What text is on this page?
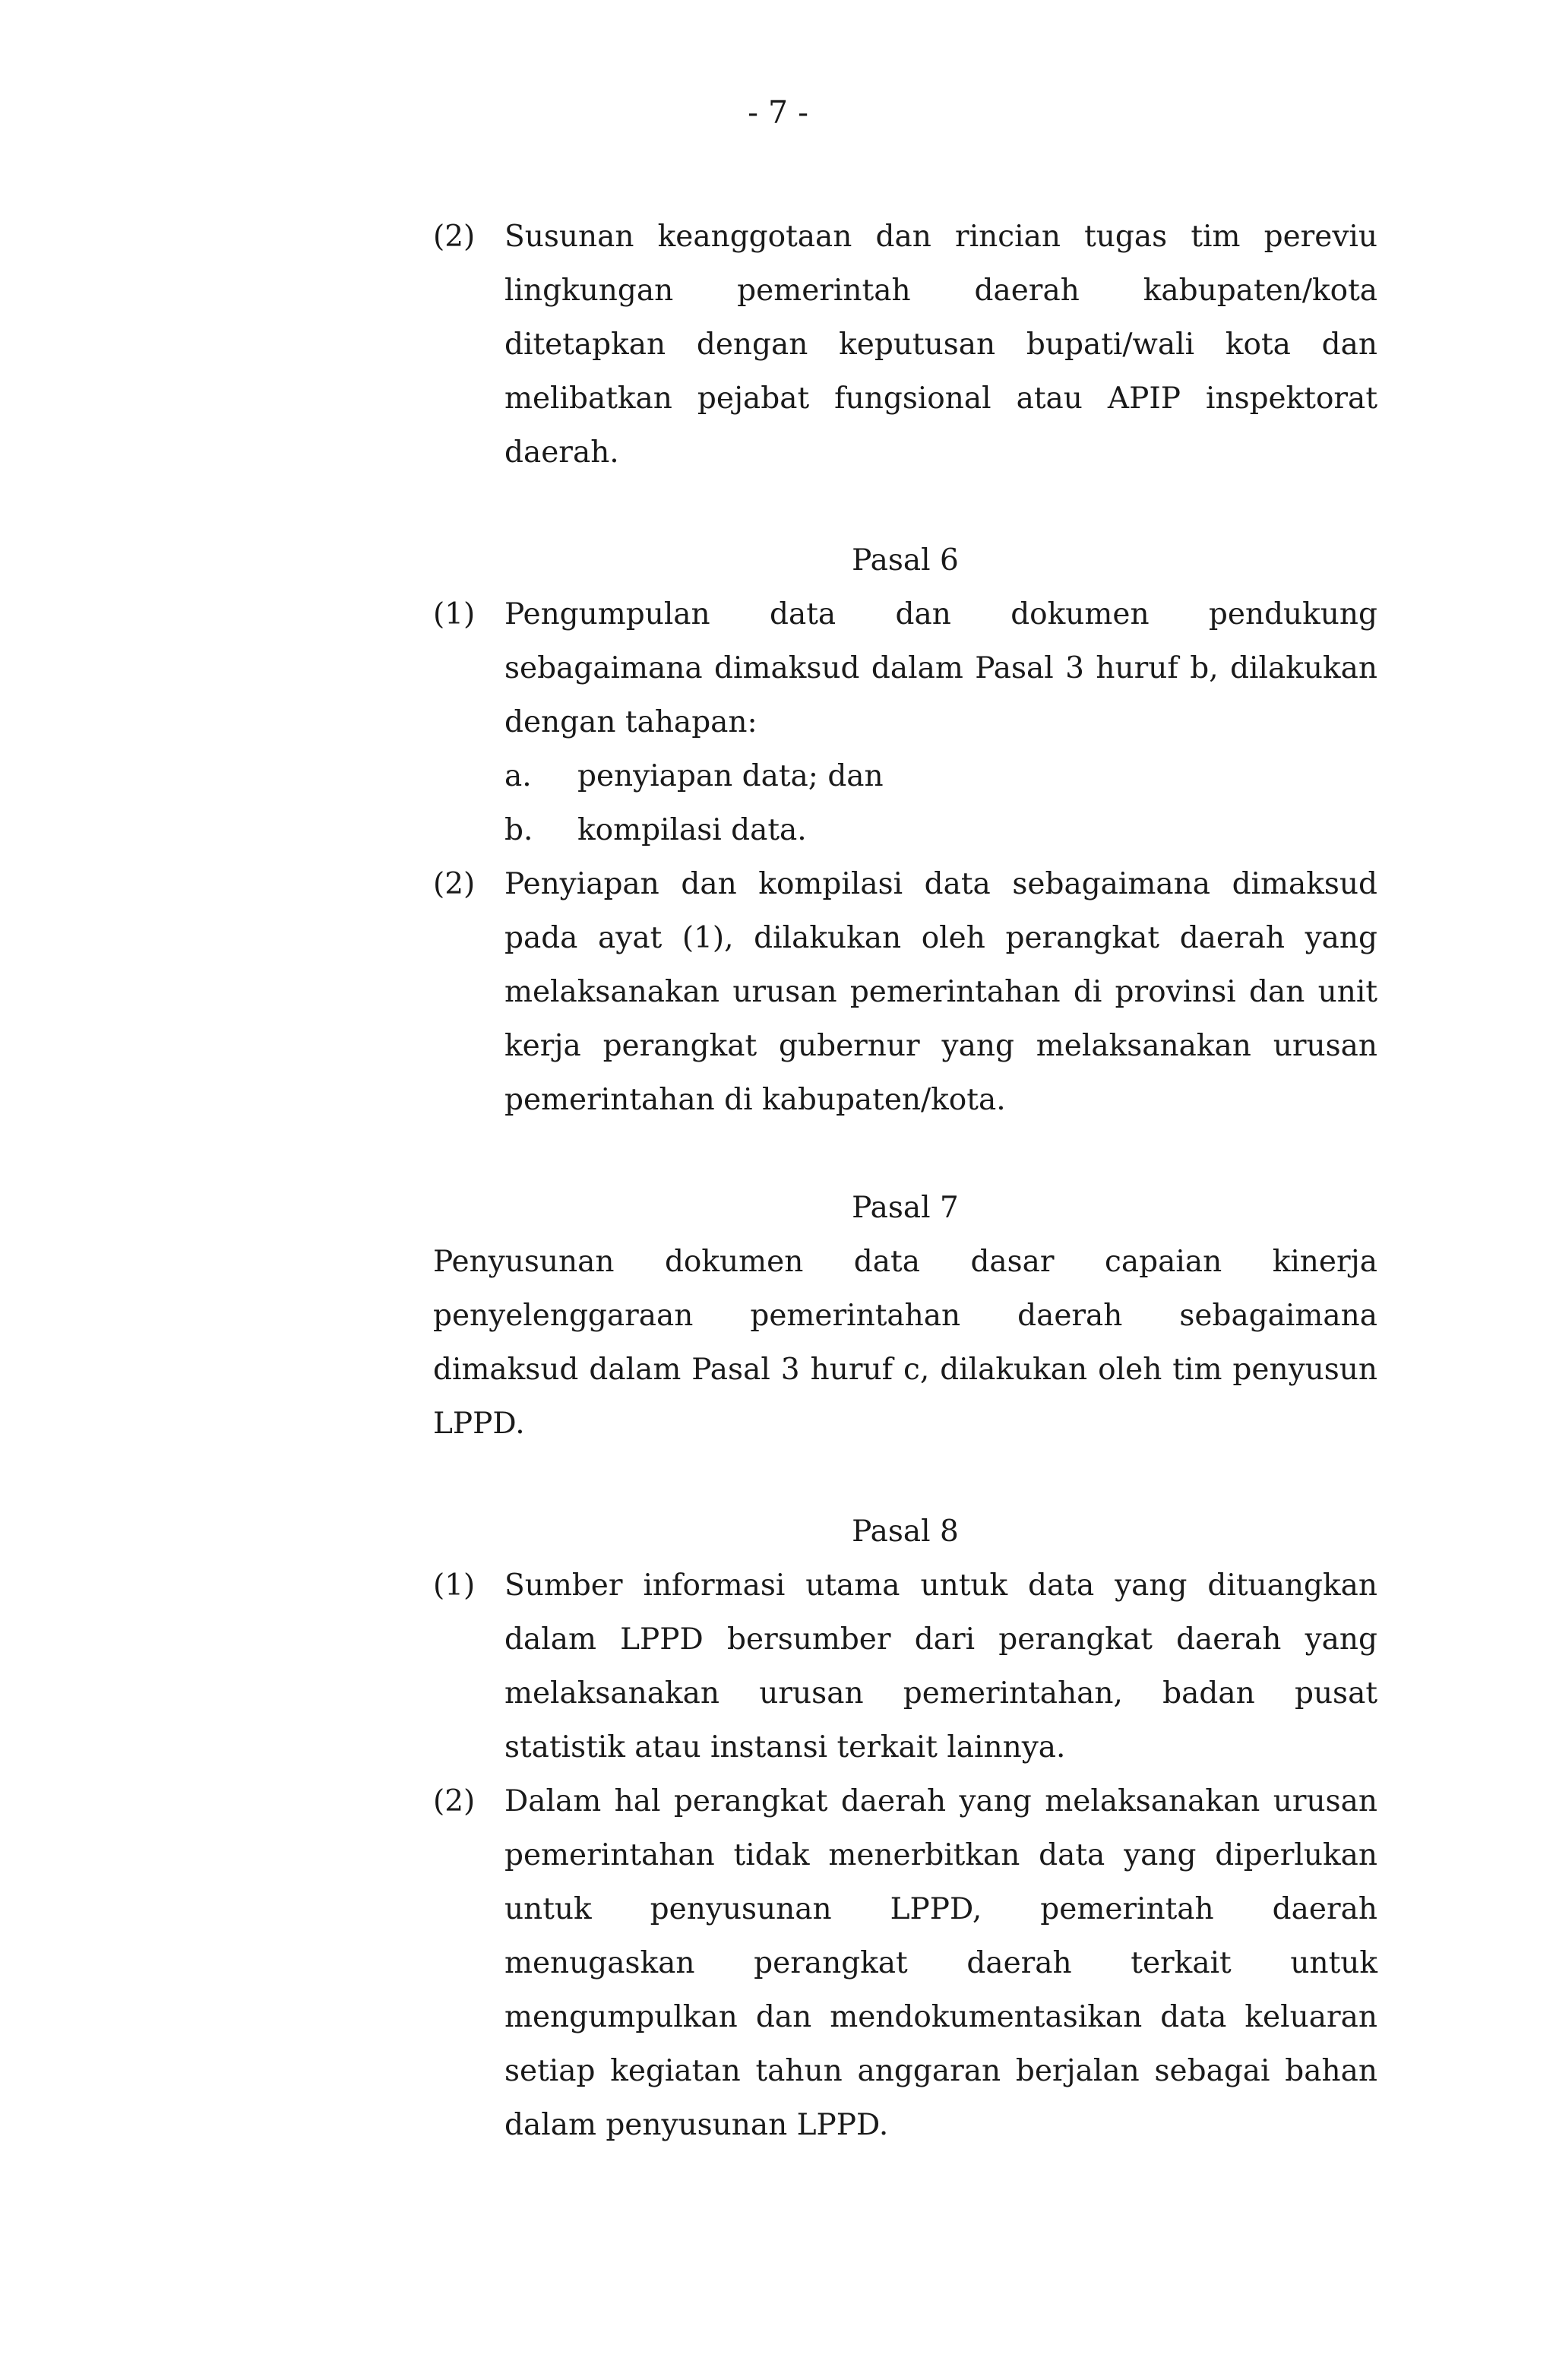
- 7 -
(2) Susunan keanggotaan dan rincian tugas tim pereviu lingkungan pemerintah daerah kabupaten/kota ditetapkan dengan keputusan bupati/wali kota dan melibatkan pejabat fungsional atau APIP inspektorat daerah.
Pasal 6
(1) Pengumpulan data dan dokumen pendukung sebagaimana dimaksud dalam Pasal 3 huruf b, dilakukan dengan tahapan:
a.	penyiapan data; dan
b.	kompilasi data.
(2) Penyiapan dan kompilasi data sebagaimana dimaksud pada ayat (1), dilakukan oleh perangkat daerah yang melaksanakan urusan pemerintahan di provinsi dan unit kerja perangkat gubernur yang melaksanakan urusan pemerintahan di kabupaten/kota.
Pasal 7
Penyusunan dokumen data dasar capaian kinerja penyelenggaraan pemerintahan daerah sebagaimana dimaksud dalam Pasal 3 huruf c, dilakukan oleh tim penyusun LPPD.
Pasal 8
(1) Sumber informasi utama untuk data yang dituangkan dalam LPPD bersumber dari perangkat daerah yang melaksanakan urusan pemerintahan, badan pusat statistik atau instansi terkait lainnya.
(2) Dalam hal perangkat daerah yang melaksanakan urusan pemerintahan tidak menerbitkan data yang diperlukan untuk penyusunan LPPD, pemerintah daerah menugaskan perangkat daerah terkait untuk mengumpulkan dan mendokumentasikan data keluaran setiap kegiatan tahun anggaran berjalan sebagai bahan dalam penyusunan LPPD.
